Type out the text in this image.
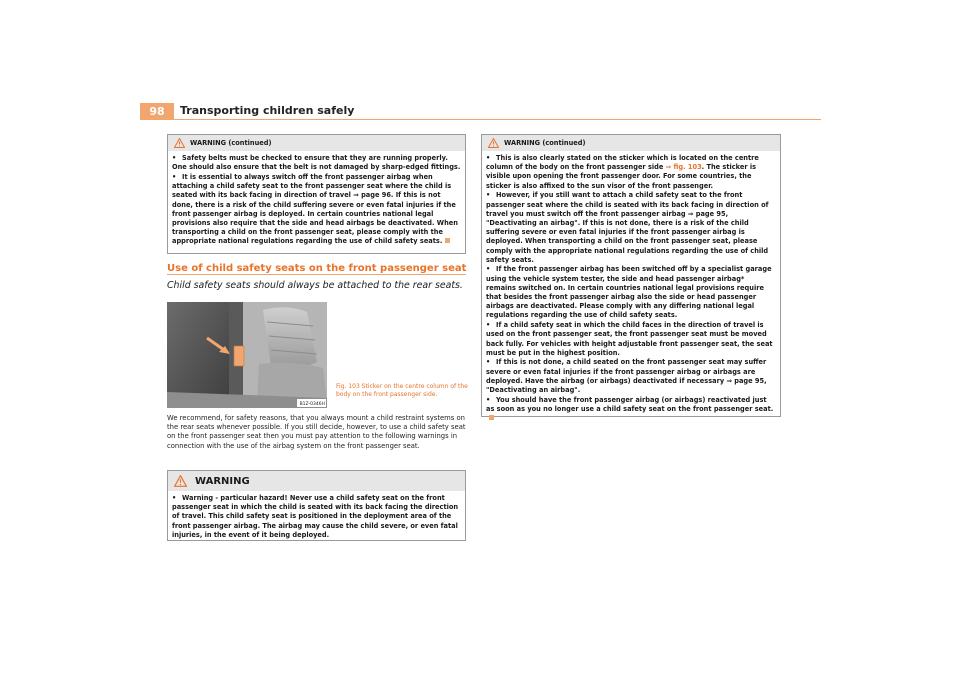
98	Transporting children safely
WARNING (continued)

• Safety belts must be checked to ensure that they are running properly. One should also ensure that the belt is not damaged by sharp-edged fittings.

• It is essential to always switch off the front passenger airbag when attaching a child safety seat to the front passenger seat where the child is seated with its back facing in direction of travel ⇒ page 96. If this is not done, there is a risk of the child suffering severe or even fatal injuries if the front passenger airbag is deployed. In certain countries national legal provisions also require that the side and head airbags be deactivated. When transporting a child on the front passenger seat, please comply with the appropriate national regulations regarding the use of child safety seats.

Use of child safety seats on the front passenger seat
Child safety seats should always be attached to the rear seats.
B1Z-0346H
Fig. 103 Sticker on the centre column of the body on the front passenger side.
We recommend, for safety reasons, that you always mount a child restraint systems on the rear seats whenever possible. If you still decide, however, to use a child safety seat on the front passenger seat then you must pay attention to the following warnings in connection with the use of the airbag system on the front passenger seat.
WARNING

• Warning - particular hazard! Never use a child safety seat on the front passenger seat in which the child is seated with its back facing the direction of travel. This child safety seat is positioned in the deployment area of the front passenger airbag. The airbag may cause the child severe, or even fatal injuries, in the event of it being deployed.

WARNING (continued)

• This is also clearly stated on the sticker which is located on the centre column of the body on the front passenger side ⇒ fig. 103. The sticker is visible upon opening the front passenger door. For some countries, the sticker is also affixed to the sun visor of the front passenger.

• However, if you still want to attach a child safety seat to the front passenger seat where the child is seated with its back facing in direction of travel you must switch off the front passenger airbag ⇒ page 95, "Deactivating an airbag". If this is not done, there is a risk of the child suffering severe or even fatal injuries if the front passenger airbag is deployed. When transporting a child on the front passenger seat, please comply with the appropriate national regulations regarding the use of child safety seats.

• If the front passenger airbag has been switched off by a specialist garage using the vehicle system tester, the side and head passenger airbag* remains switched on. In certain countries national legal provisions require that besides the front passenger airbag also the side or head passenger airbags are deactivated. Please comply with any differing national legal regulations regarding the use of child safety seats.

• If a child safety seat in which the child faces in the direction of travel is used on the front passenger seat, the front passenger seat must be moved back fully. For vehicles with height adjustable front passenger seat, the seat must be put in the highest position.

• If this is not done, a child seated on the front passenger seat may suffer severe or even fatal injuries if the front passenger airbag or airbags are deployed. Have the airbag (or airbags) deactivated if necessary ⇒ page 95, "Deactivating an airbag".

• You should have the front passenger airbag (or airbags) reactivated just as soon as you no longer use a child safety seat on the front passenger seat.
